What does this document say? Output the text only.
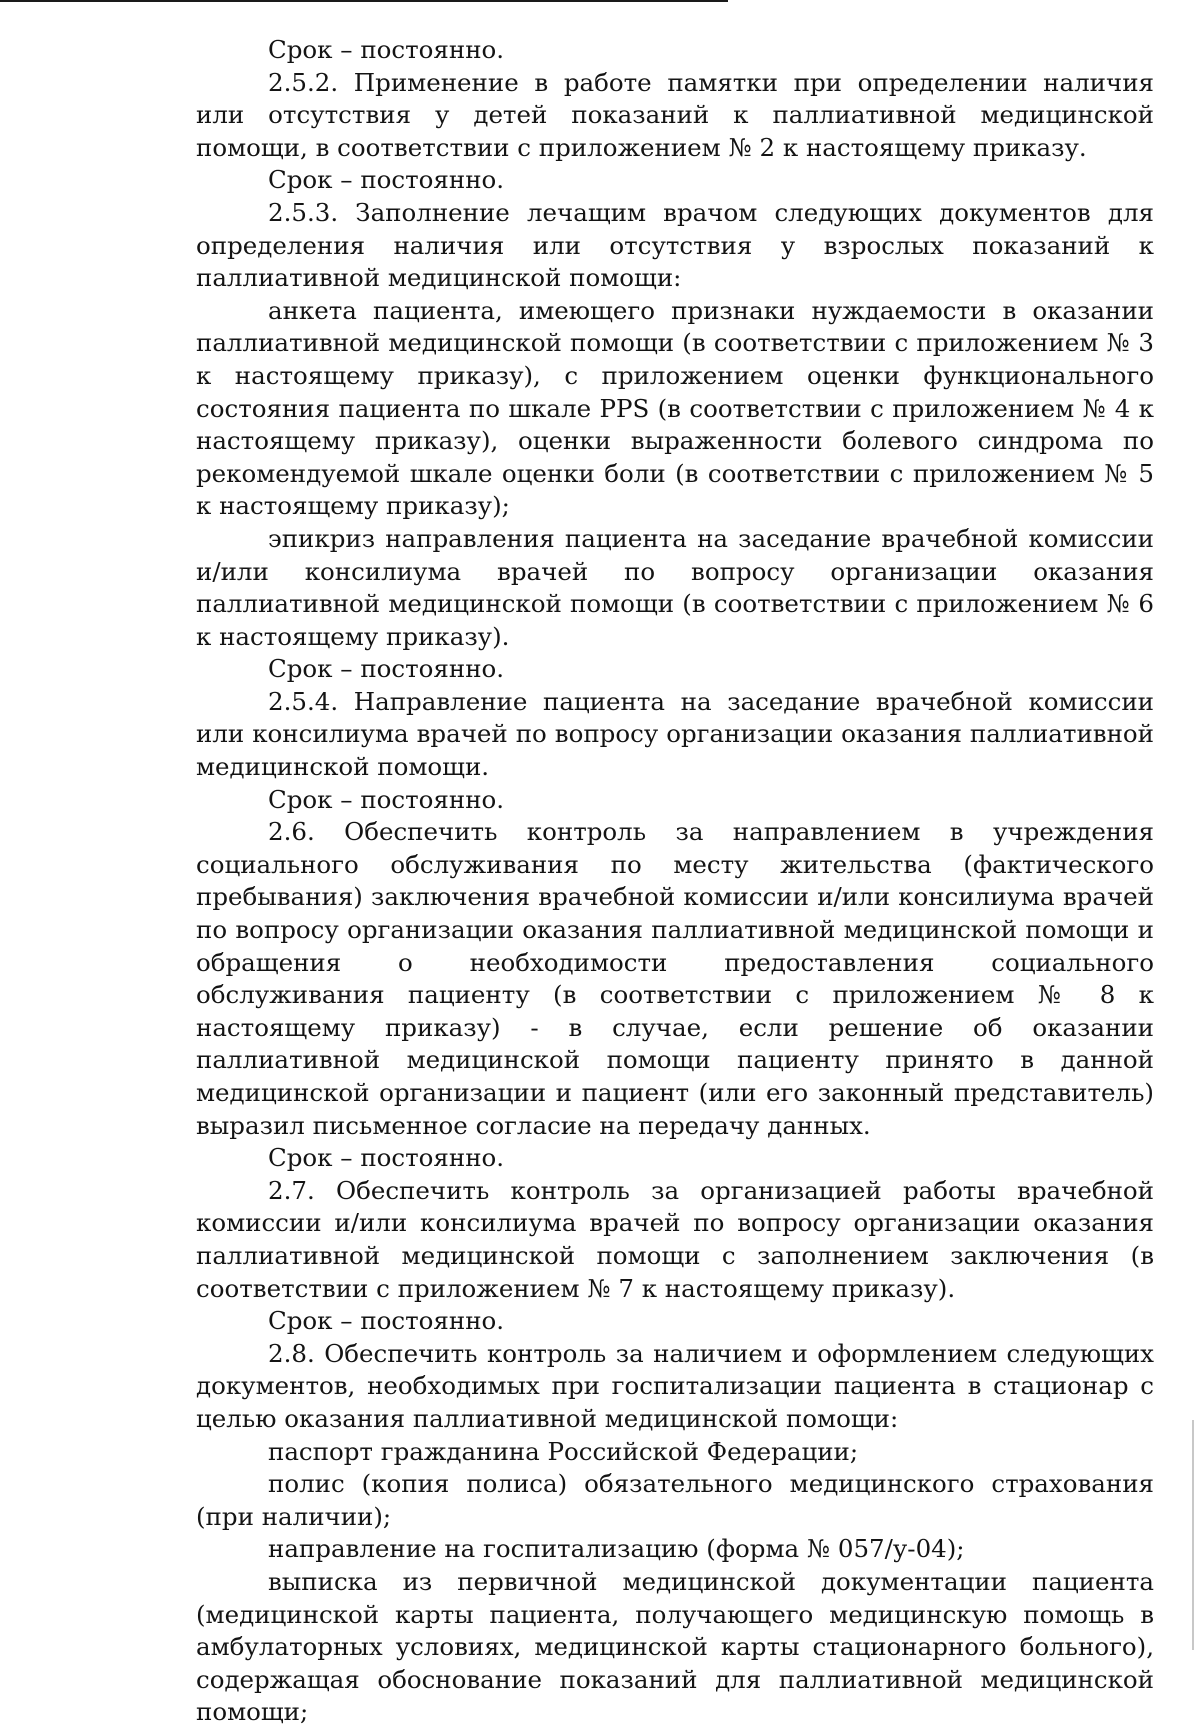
Срок – постоянно.

2.5.2. Применение в работе памятки при определении наличия или отсутствия у детей показаний к паллиативной медицинской помощи, в соответствии с приложением № 2 к настоящему приказу.

Срок – постоянно.

2.5.3. Заполнение лечащим врачом следующих документов для определения наличия или отсутствия у взрослых показаний к паллиативной медицинской помощи:

анкета пациента, имеющего признаки нуждаемости в оказании паллиативной медицинской помощи (в соответствии с приложением № 3 к настоящему приказу), с приложением оценки функционального состояния пациента по шкале PPS (в соответствии с приложением № 4 к настоящему приказу), оценки выраженности болевого синдрома по рекомендуемой шкале оценки боли (в соответствии с приложением № 5 к настоящему приказу);

эпикриз направления пациента на заседание врачебной комиссии и/или консилиума врачей по вопросу организации оказания паллиативной медицинской помощи (в соответствии с приложением № 6 к настоящему приказу).

Срок – постоянно.

2.5.4. Направление пациента на заседание врачебной комиссии или консилиума врачей по вопросу организации оказания паллиативной медицинской помощи.

Срок – постоянно.

2.6. Обеспечить контроль за направлением в учреждения социального обслуживания по месту жительства (фактического пребывания) заключения врачебной комиссии и/или консилиума врачей по вопросу организации оказания паллиативной медицинской помощи и обращения о необходимости предоставления социального обслуживания пациенту (в соответствии с приложением № 8 к настоящему приказу) - в случае, если решение об оказании паллиативной медицинской помощи пациенту принято в данной медицинской организации и пациент (или его законный представитель) выразил письменное согласие на передачу данных.

Срок – постоянно.

2.7. Обеспечить контроль за организацией работы врачебной комиссии и/или консилиума врачей по вопросу организации оказания паллиативной медицинской помощи с заполнением заключения (в соответствии с приложением № 7 к настоящему приказу).

Срок – постоянно.

2.8. Обеспечить контроль за наличием и оформлением следующих документов, необходимых при госпитализации пациента в стационар с целью оказания паллиативной медицинской помощи:

паспорт гражданина Российской Федерации;

полис (копия полиса) обязательного медицинского страхования (при наличии);

направление на госпитализацию (форма № 057/у-04);

выписка из первичной медицинской документации пациента (медицинской карты пациента, получающего медицинскую помощь в амбулаторных условиях, медицинской карты стационарного больного), содержащая обоснование показаний для паллиативной медицинской помощи;
